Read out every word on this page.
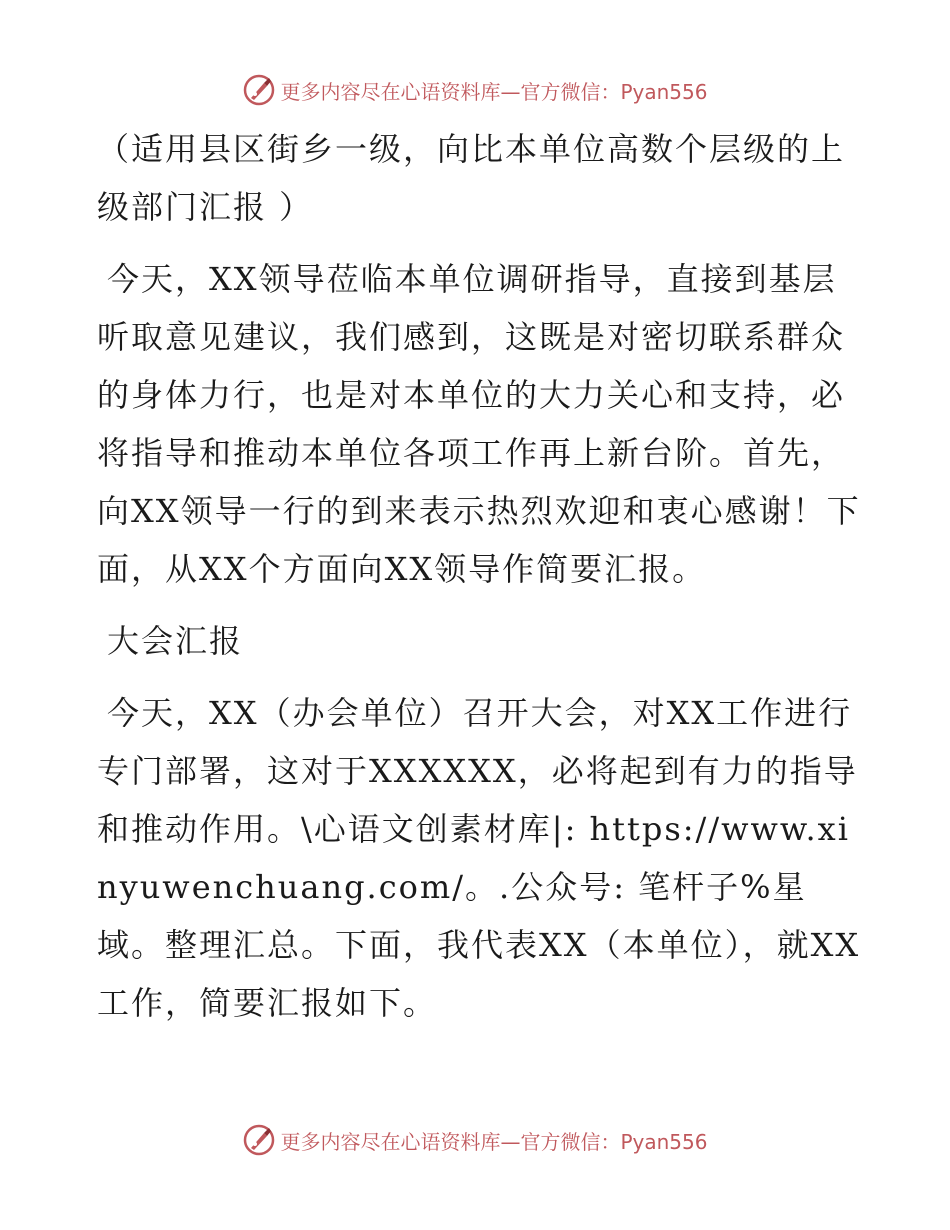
更多内容尽在心语资料库—官方微信：Pyan556

（适用县区街乡一级，向比本单位高数个层级的上级部门汇报 ）

今天，XX领导莅临本单位调研指导，直接到基层听取意见建议，我们感到，这既是对密切联系群众的身体力行，也是对本单位的大力关心和支持，必将指导和推动本单位各项工作再上新台阶。首先，向XX领导一行的到来表示热烈欢迎和衷心感谢！下面，从XX个方面向XX领导作简要汇报。

大会汇报

今天，XX（办会单位）召开大会，对XX工作进行专门部署，这对于XXXXXX，必将起到有力的指导和推动作用。\心语文创素材库|: https://www.xinyuwenchuang.com/。.公众号: 笔杆子%星域。整理汇总。下面，我代表XX（本单位），就XX工作，简要汇报如下。

更多内容尽在心语资料库—官方微信：Pyan556
